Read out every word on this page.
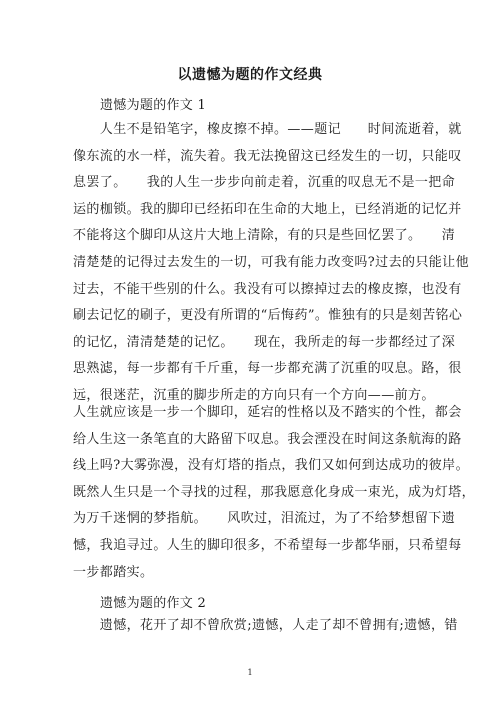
以遗憾为题的作文经典
遗憾为题的作文 1
　　人生不是铅笔字，橡皮擦不掉。——题记　　时间流逝着，就
像东流的水一样，流失着。我无法挽留这已经发生的一切，只能叹
息罢了。　　我的人生一步步向前走着，沉重的叹息无不是一把命
运的枷锁。我的脚印已经拓印在生命的大地上，已经消逝的记忆并
不能将这个脚印从这片大地上清除，有的只是些回忆罢了。　　清
清楚楚的记得过去发生的一切，可我有能力改变吗?过去的只能让他
过去，不能干些别的什么。我没有可以擦掉过去的橡皮擦，也没有
刷去记忆的刷子，更没有所谓的“后悔药”。惟独有的只是刻苦铭心
的记忆，清清楚楚的记忆。　　现在，我所走的每一步都经过了深
思熟滤，每一步都有千斤重，每一步都充满了沉重的叹息。路，很
远，很迷茫，沉重的脚步所走的方向只有一个方向——前方。
人生就应该是一步一个脚印，延宕的性格以及不踏实的个性，都会
给人生这一条笔直的大路留下叹息。我会湮没在时间这条航海的路
线上吗?大雾弥漫，没有灯塔的指点，我们又如何到达成功的彼岸。
既然人生只是一个寻找的过程，那我愿意化身成一束光，成为灯塔，
为万千迷惘的梦指航。　　风吹过，泪流过，为了不给梦想留下遗
憾，我追寻过。人生的脚印很多，不希望每一步都华丽，只希望每
一步都踏实。
遗憾为题的作文 2
　　遗憾，花开了却不曾欣赏;遗憾，人走了却不曾拥有;遗憾，错
1
